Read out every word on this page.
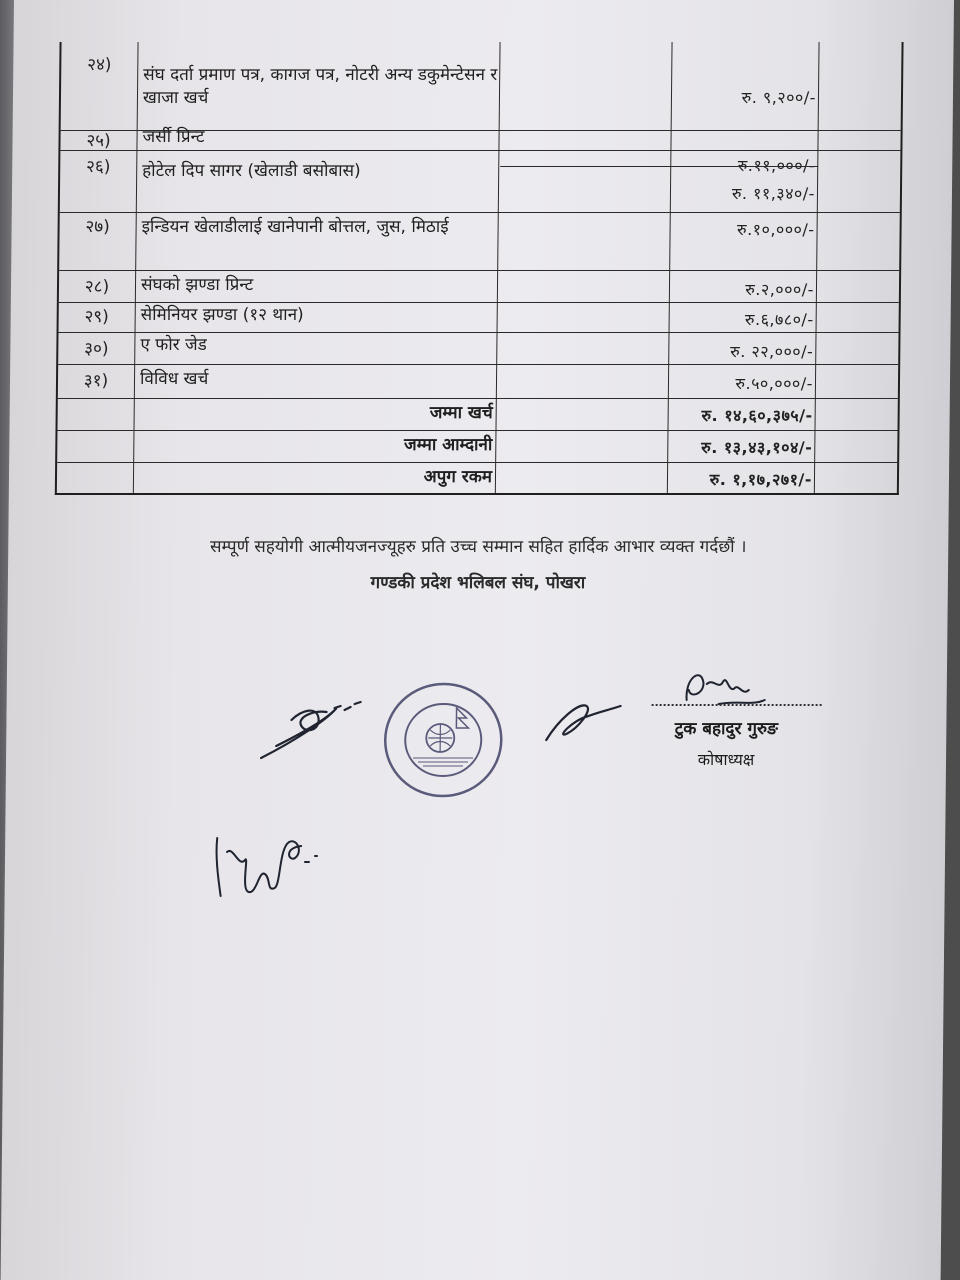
२४)	संघ दर्ता प्रमाण पत्र, कागज पत्र, नोटरी अन्य डकुमेन्टेसन र खाजा खर्च	रु. ९,२००/-
२५)	जर्सी प्रिन्ट
२६)	होटेल दिप सागर (खेलाडी बसोबास)	रु.११,०००/-
रु. ११,३४०/-
२७)	इन्डियन खेलाडीलाई खानेपानी बोत्तल, जुस, मिठाई	रु.१०,०००/-
२८)	संघको झण्डा प्रिन्ट	रु.२,०००/-
२९)	सेमिनियर झण्डा (१२ थान)	रु.६,७८०/-
३०)	ए फोर जेड	रु. २२,०००/-
३१)	विविध खर्च	रु.५०,०००/-
जम्मा खर्च	रु. १४,६०,३७५/-
जम्मा आम्दानी	रु. १३,४३,१०४/-
अपुग रकम	रु. १,१७,२७१/-
सम्पूर्ण सहयोगी आत्मीयजनज्यूहरु प्रति उच्च सम्मान सहित हार्दिक आभार व्यक्त गर्दछौं ।
गण्डकी प्रदेश भलिबल संघ, पोखरा
टुक बहादुर गुरुङ
कोषाध्यक्ष
